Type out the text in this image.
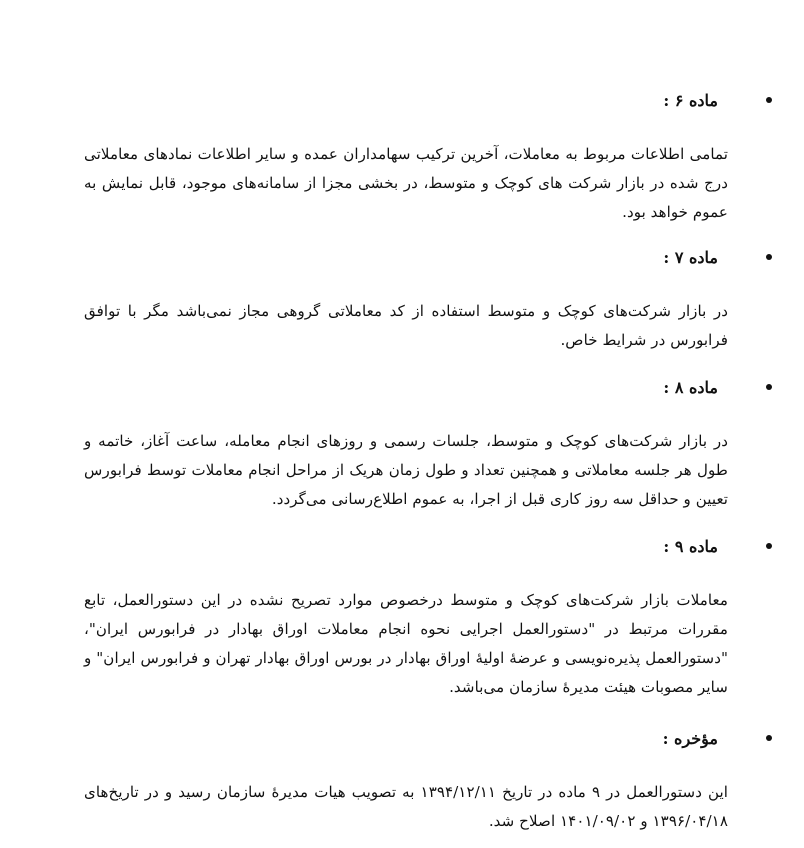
ماده ۶ :

تمامی اطلاعات مربوط به معاملات، آخرین ترکیب سهامداران عمده و سایر اطلاعات نمادهای معاملاتی درج شده در بازار شرکت های کوچک و متوسط، در بخشی مجزا از سامانه‌های موجود، قابل نمایش به عموم خواهد بود.

ماده ۷ :

در بازار شرکت‌های کوچک و متوسط استفاده از کد معاملاتی گروهی مجاز نمی‌باشد مگر با توافق فرابورس در شرایط خاص.

ماده ۸ :

در بازار شرکت‌های کوچک و متوسط، جلسات رسمی و روزهای انجام معامله، ساعت آغاز، خاتمه و طول هر جلسه معاملاتی و همچنین تعداد و طول زمان هریک از مراحل انجام معاملات توسط فرابورس تعیین و حداقل سه روز کاری قبل از اجرا، به عموم اطلاع‌رسانی می‌گردد.

ماده ۹ :

معاملات بازار شرکت‌های کوچک و متوسط درخصوص موارد تصریح نشده در این دستورالعمل، تابع مقررات مرتبط در "دستورالعمل اجرایی نحوه انجام معاملات اوراق بهادار در فرابورس ایران"، "دستورالعمل پذیره‌نویسی و عرضهٔ اولیهٔ اوراق بهادار در بورس اوراق بهادار تهران و فرابورس ایران" و سایر مصوبات هیئت مدیرهٔ سازمان می‌باشد.

مؤخره :

این دستورالعمل در ۹ ماده در تاریخ ۱۳۹۴/۱۲/۱۱ به تصویب هیات مدیرهٔ سازمان رسید و در تاریخ‌های ۱۳۹۶/۰۴/۱۸ و ۱۴۰۱/۰۹/۰۲ اصلاح شد.
